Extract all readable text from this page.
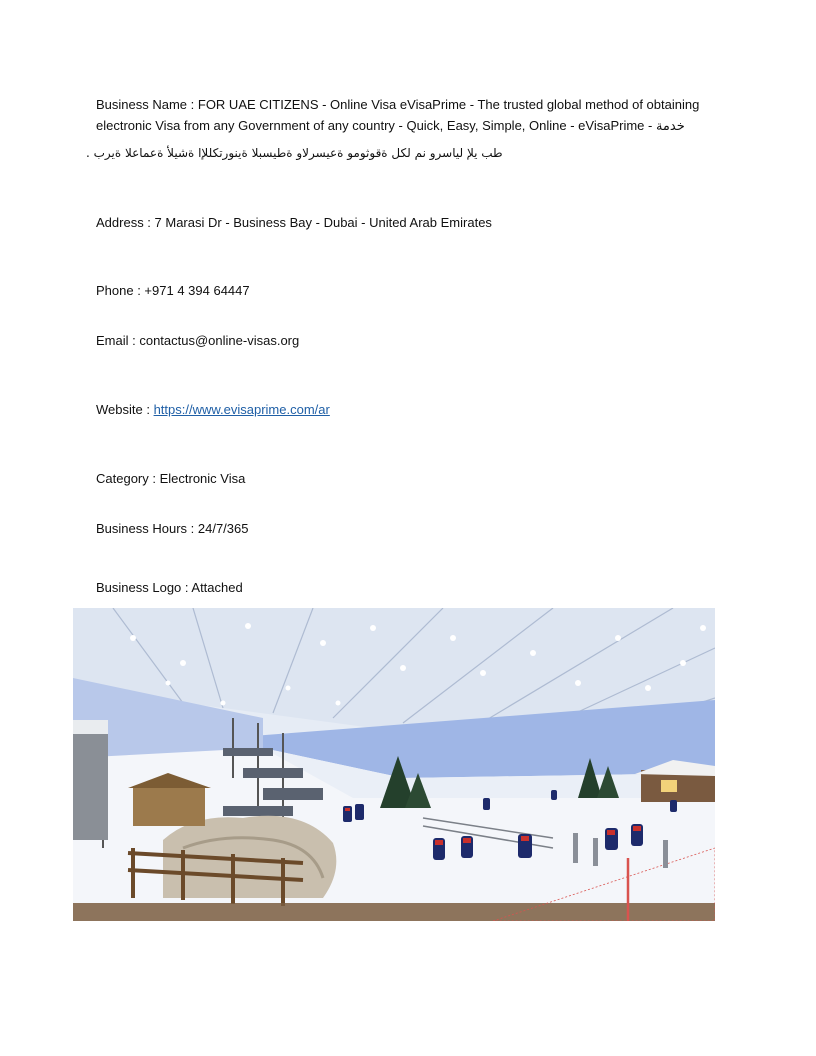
Business Name : FOR UAE CITIZENS - Online Visa eVisaPrime - The trusted global method of obtaining
electronic Visa from any Government of any country - Quick, Easy, Simple, Online - eVisaPrime - خدمة
طب یلإ لیاسرو نم لكل ةقوثومو ةعیسرلاو ةطیسبلا ةینورتكللإا ةشیلأ ةعماعلا ةیرب .
Address : 7 Marasi Dr - Business Bay - Dubai - United Arab Emirates
Phone : +971 4 394 64447
Email : contactus@online-visas.org
Website : https://www.evisaprime.com/ar
Category : Electronic Visa
Business Hours : 24/7/365
Business Logo : Attached
